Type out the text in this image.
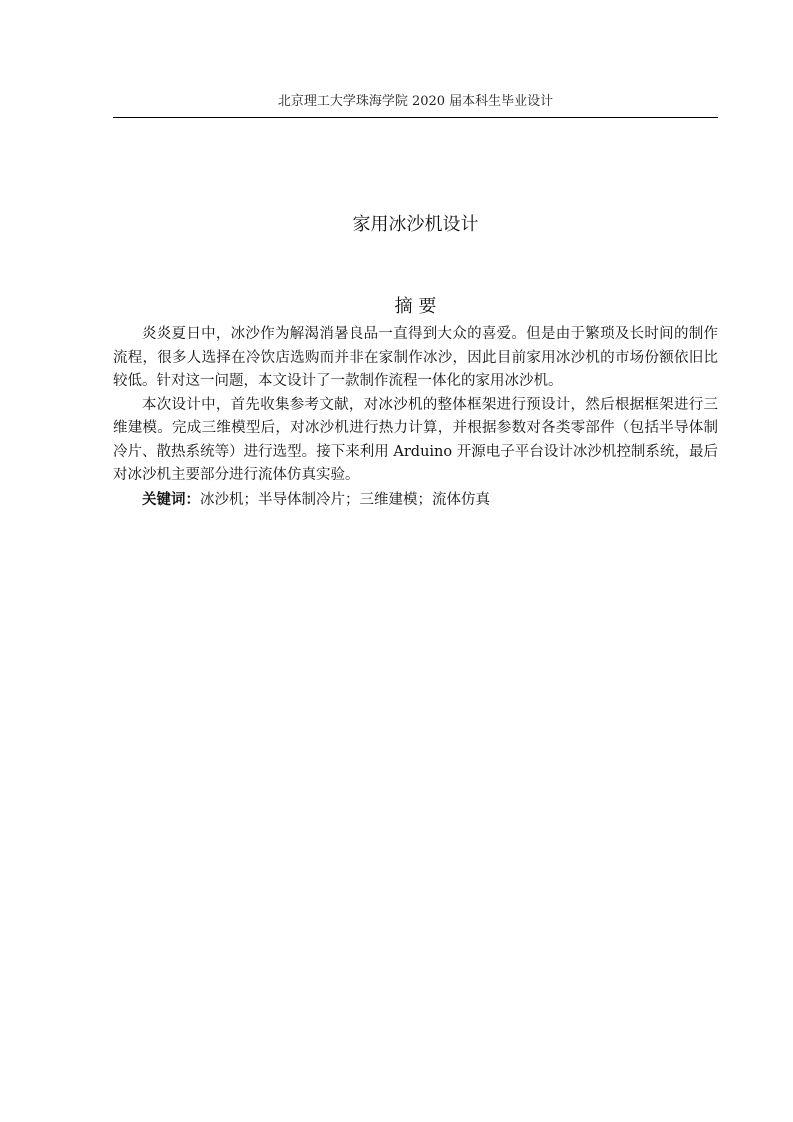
北京理工大学珠海学院 2020 届本科生毕业设计
家用冰沙机设计
摘 要

炎炎夏日中，冰沙作为解渴消暑良品一直得到大众的喜爱。但是由于繁琐及长时间的制作流程，很多人选择在冷饮店选购而并非在家制作冰沙，因此目前家用冰沙机的市场份额依旧比较低。针对这一问题，本文设计了一款制作流程一体化的家用冰沙机。

本次设计中，首先收集参考文献，对冰沙机的整体框架进行预设计，然后根据框架进行三维建模。完成三维模型后，对冰沙机进行热力计算，并根据参数对各类零部件（包括半导体制冷片、散热系统等）进行选型。接下来利用 Arduino 开源电子平台设计冰沙机控制系统，最后对冰沙机主要部分进行流体仿真实验。

关键词：冰沙机；半导体制冷片；三维建模；流体仿真
